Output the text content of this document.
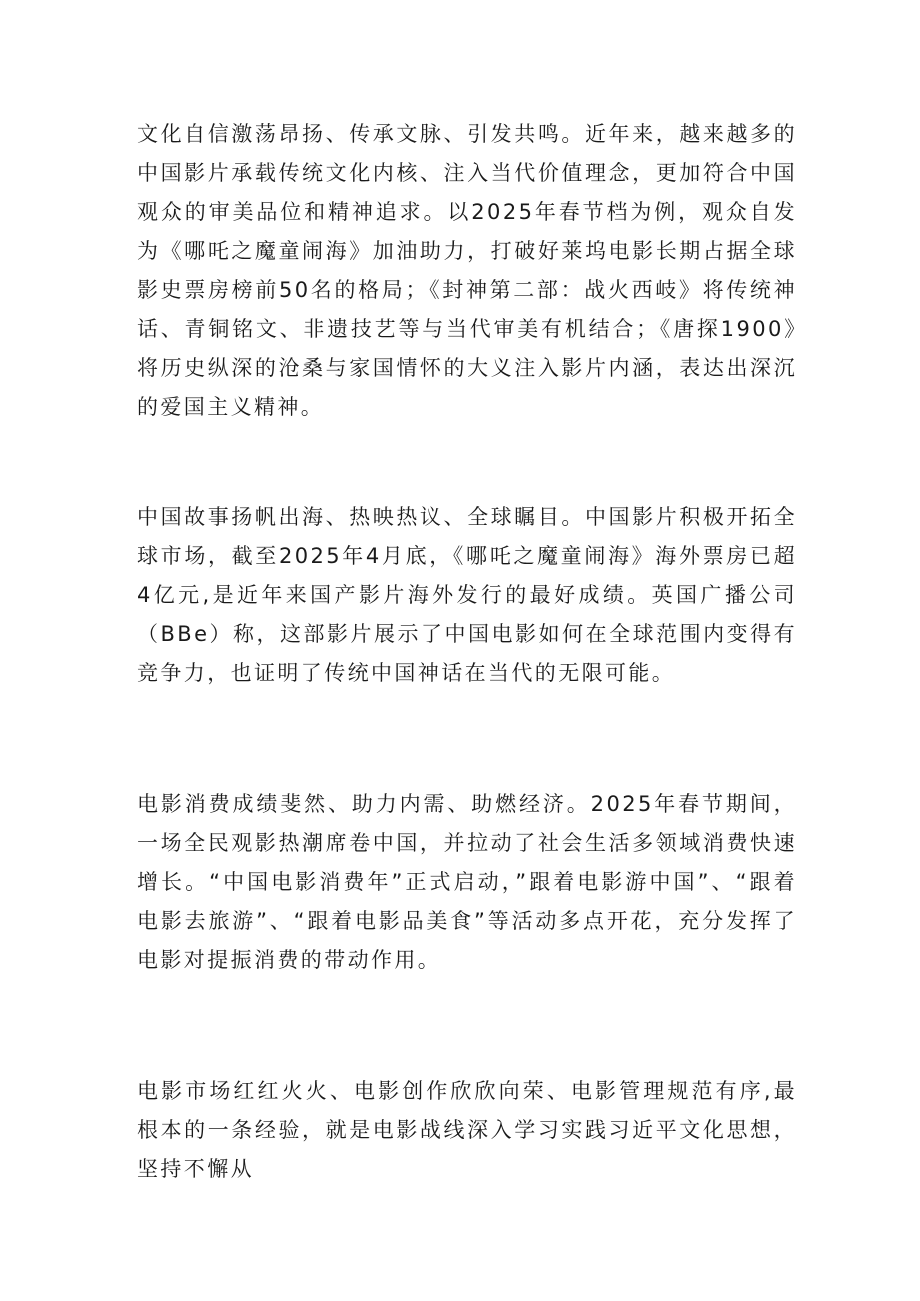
文化自信激荡昂扬、传承文脉、引发共鸣。近年来，越来越多的中国影片承载传统文化内核、注入当代价值理念，更加符合中国观众的审美品位和精神追求。以2025年春节档为例，观众自发为《哪吒之魔童闹海》加油助力，打破好莱坞电影长期占据全球影史票房榜前50名的格局；《封神第二部：战火西岐》将传统神话、青铜铭文、非遗技艺等与当代审美有机结合；《唐探1900》将历史纵深的沧桑与家国情怀的大义注入影片内涵，表达出深沉的爱国主义精神。

中国故事扬帆出海、热映热议、全球瞩目。中国影片积极开拓全球市场，截至2025年4月底，《哪吒之魔童闹海》海外票房已超4亿元,是近年来国产影片海外发行的最好成绩。英国广播公司（BBe）称，这部影片展示了中国电影如何在全球范围内变得有竞争力，也证明了传统中国神话在当代的无限可能。

电影消费成绩斐然、助力内需、助燃经济。2025年春节期间，一场全民观影热潮席卷中国，并拉动了社会生活多领域消费快速增长。“中国电影消费年”正式启动，”跟着电影游中国”、“跟着电影去旅游”、“跟着电影品美食”等活动多点开花，充分发挥了电影对提振消费的带动作用。

电影市场红红火火、电影创作欣欣向荣、电影管理规范有序,最根本的一条经验，就是电影战线深入学习实践习近平文化思想，坚持不懈从
